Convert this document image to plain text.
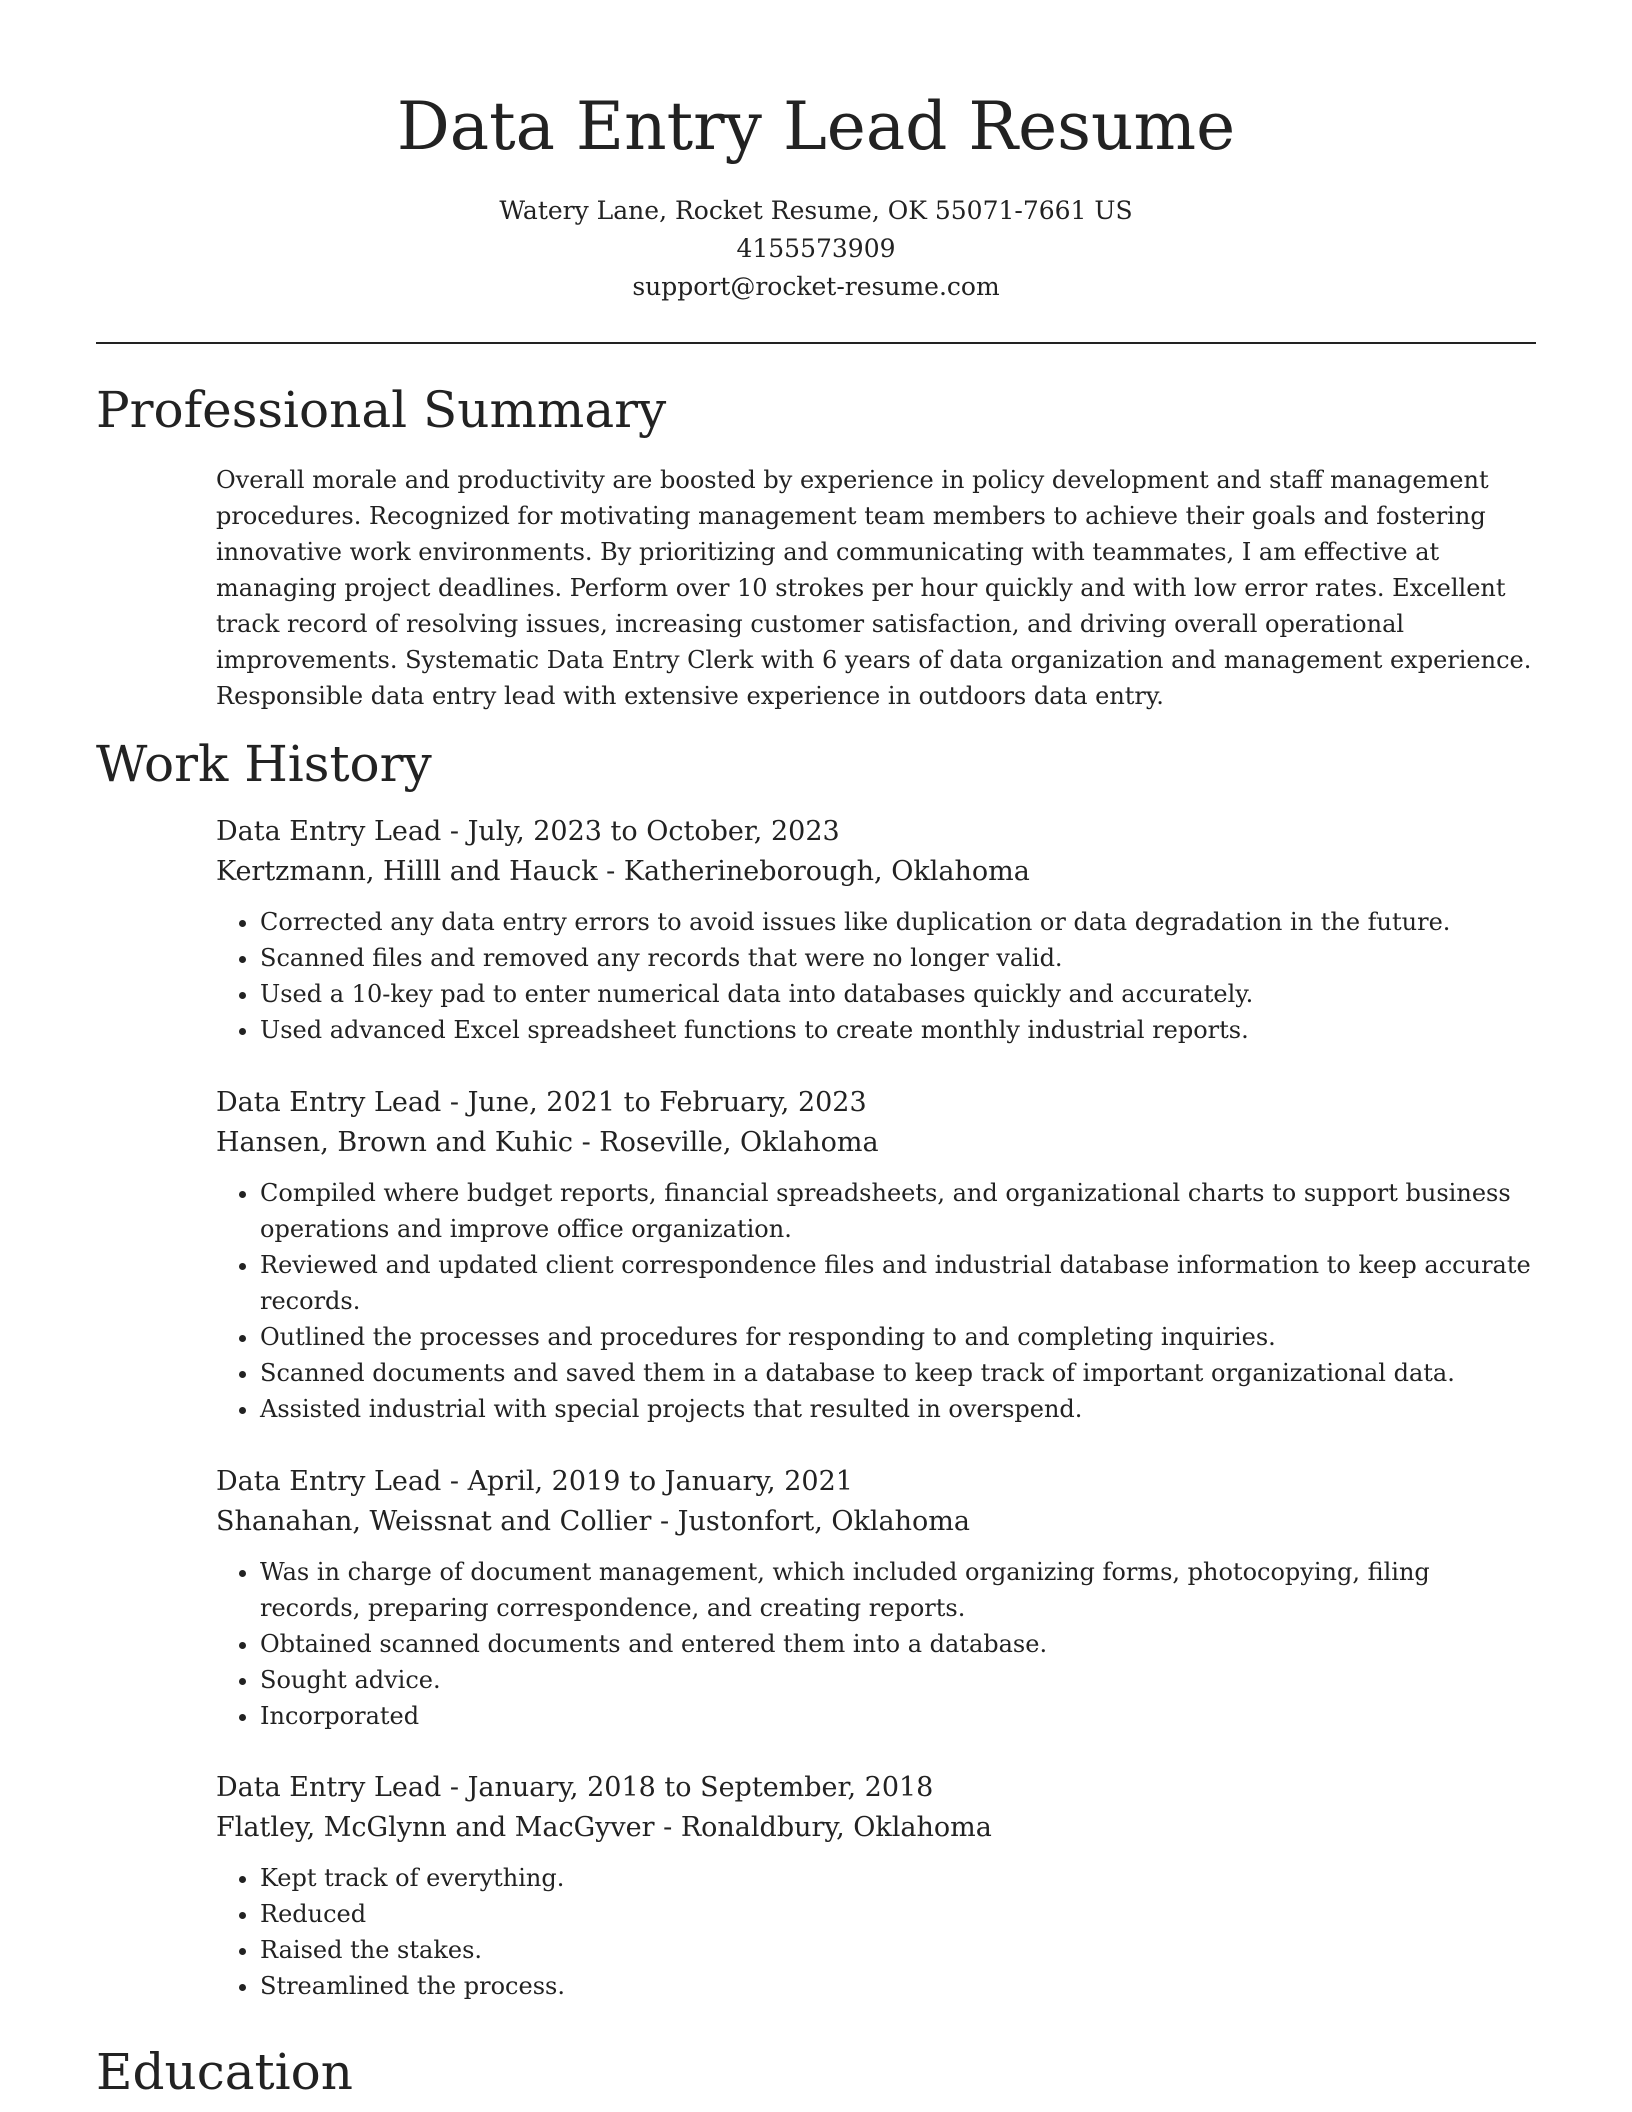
Data Entry Lead Resume
Watery Lane, Rocket Resume, OK 55071-7661 US
4155573909
support@rocket-resume.com
Professional Summary

Overall morale and productivity are boosted by experience in policy development and staff management procedures. Recognized for motivating management team members to achieve their goals and fostering innovative work environments. By prioritizing and communicating with teammates, I am effective at managing project deadlines. Perform over 10 strokes per hour quickly and with low error rates. Excellent track record of resolving issues, increasing customer satisfaction, and driving overall operational improvements. Systematic Data Entry Clerk with 6 years of data organization and management experience. Responsible data entry lead with extensive experience in outdoors data entry.

Work History
Data Entry Lead - July, 2023 to October, 2023
Kertzmann, Hilll and Hauck - Katherineborough, Oklahoma
• Corrected any data entry errors to avoid issues like duplication or data degradation in the future.
• Scanned files and removed any records that were no longer valid.
• Used a 10-key pad to enter numerical data into databases quickly and accurately.
• Used advanced Excel spreadsheet functions to create monthly industrial reports.
Data Entry Lead - June, 2021 to February, 2023
Hansen, Brown and Kuhic - Roseville, Oklahoma
• Compiled where budget reports, financial spreadsheets, and organizational charts to support business operations and improve office organization.
• Reviewed and updated client correspondence files and industrial database information to keep accurate records.
• Outlined the processes and procedures for responding to and completing inquiries.
• Scanned documents and saved them in a database to keep track of important organizational data.
• Assisted industrial with special projects that resulted in overspend.
Data Entry Lead - April, 2019 to January, 2021
Shanahan, Weissnat and Collier - Justonfort, Oklahoma
• Was in charge of document management, which included organizing forms, photocopying, filing records, preparing correspondence, and creating reports.
• Obtained scanned documents and entered them into a database.
• Sought advice.
• Incorporated
Data Entry Lead - January, 2018 to September, 2018
Flatley, McGlynn and MacGyver - Ronaldbury, Oklahoma
• Kept track of everything.
• Reduced
• Raised the stakes.
• Streamlined the process.
Education
